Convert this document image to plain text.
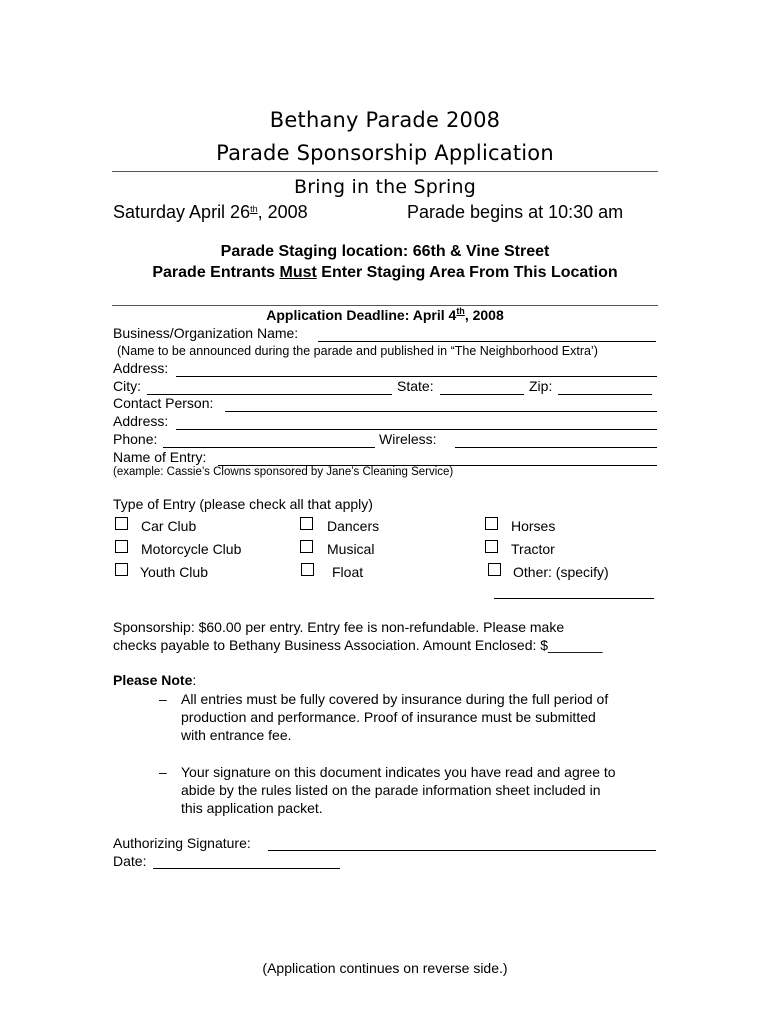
Bethany Parade 2008
Parade Sponsorship Application
Bring in the Spring
Saturday April 26th, 2008	Parade begins at 10:30 am
Parade Staging location: 66th & Vine Street
Parade Entrants Must Enter Staging Area From This Location
Application Deadline: April 4th, 2008
Business/Organization Name:
(Name to be announced during the parade and published in “The Neighborhood Extra’)
Address:
City:	State:	Zip:
Contact Person:
Address:
Phone:	Wireless:
Name of Entry:
(example: Cassie’s Clowns sponsored by Jane’s Cleaning Service)
Type of Entry (please check all that apply)
Car Club	Dancers	Horses
Motorcycle Club	Musical	Tractor
Youth Club	Float	Other: (specify)
Sponsorship: $60.00 per entry. Entry fee is non-refundable. Please make
checks payable to Bethany Business Association. Amount Enclosed: $_______
Please Note:
– All entries must be fully covered by insurance during the full period of
production and performance. Proof of insurance must be submitted
with entrance fee.
– Your signature on this document indicates you have read and agree to
abide by the rules listed on the parade information sheet included in
this application packet.
Authorizing Signature:
Date:
(Application continues on reverse side.)
